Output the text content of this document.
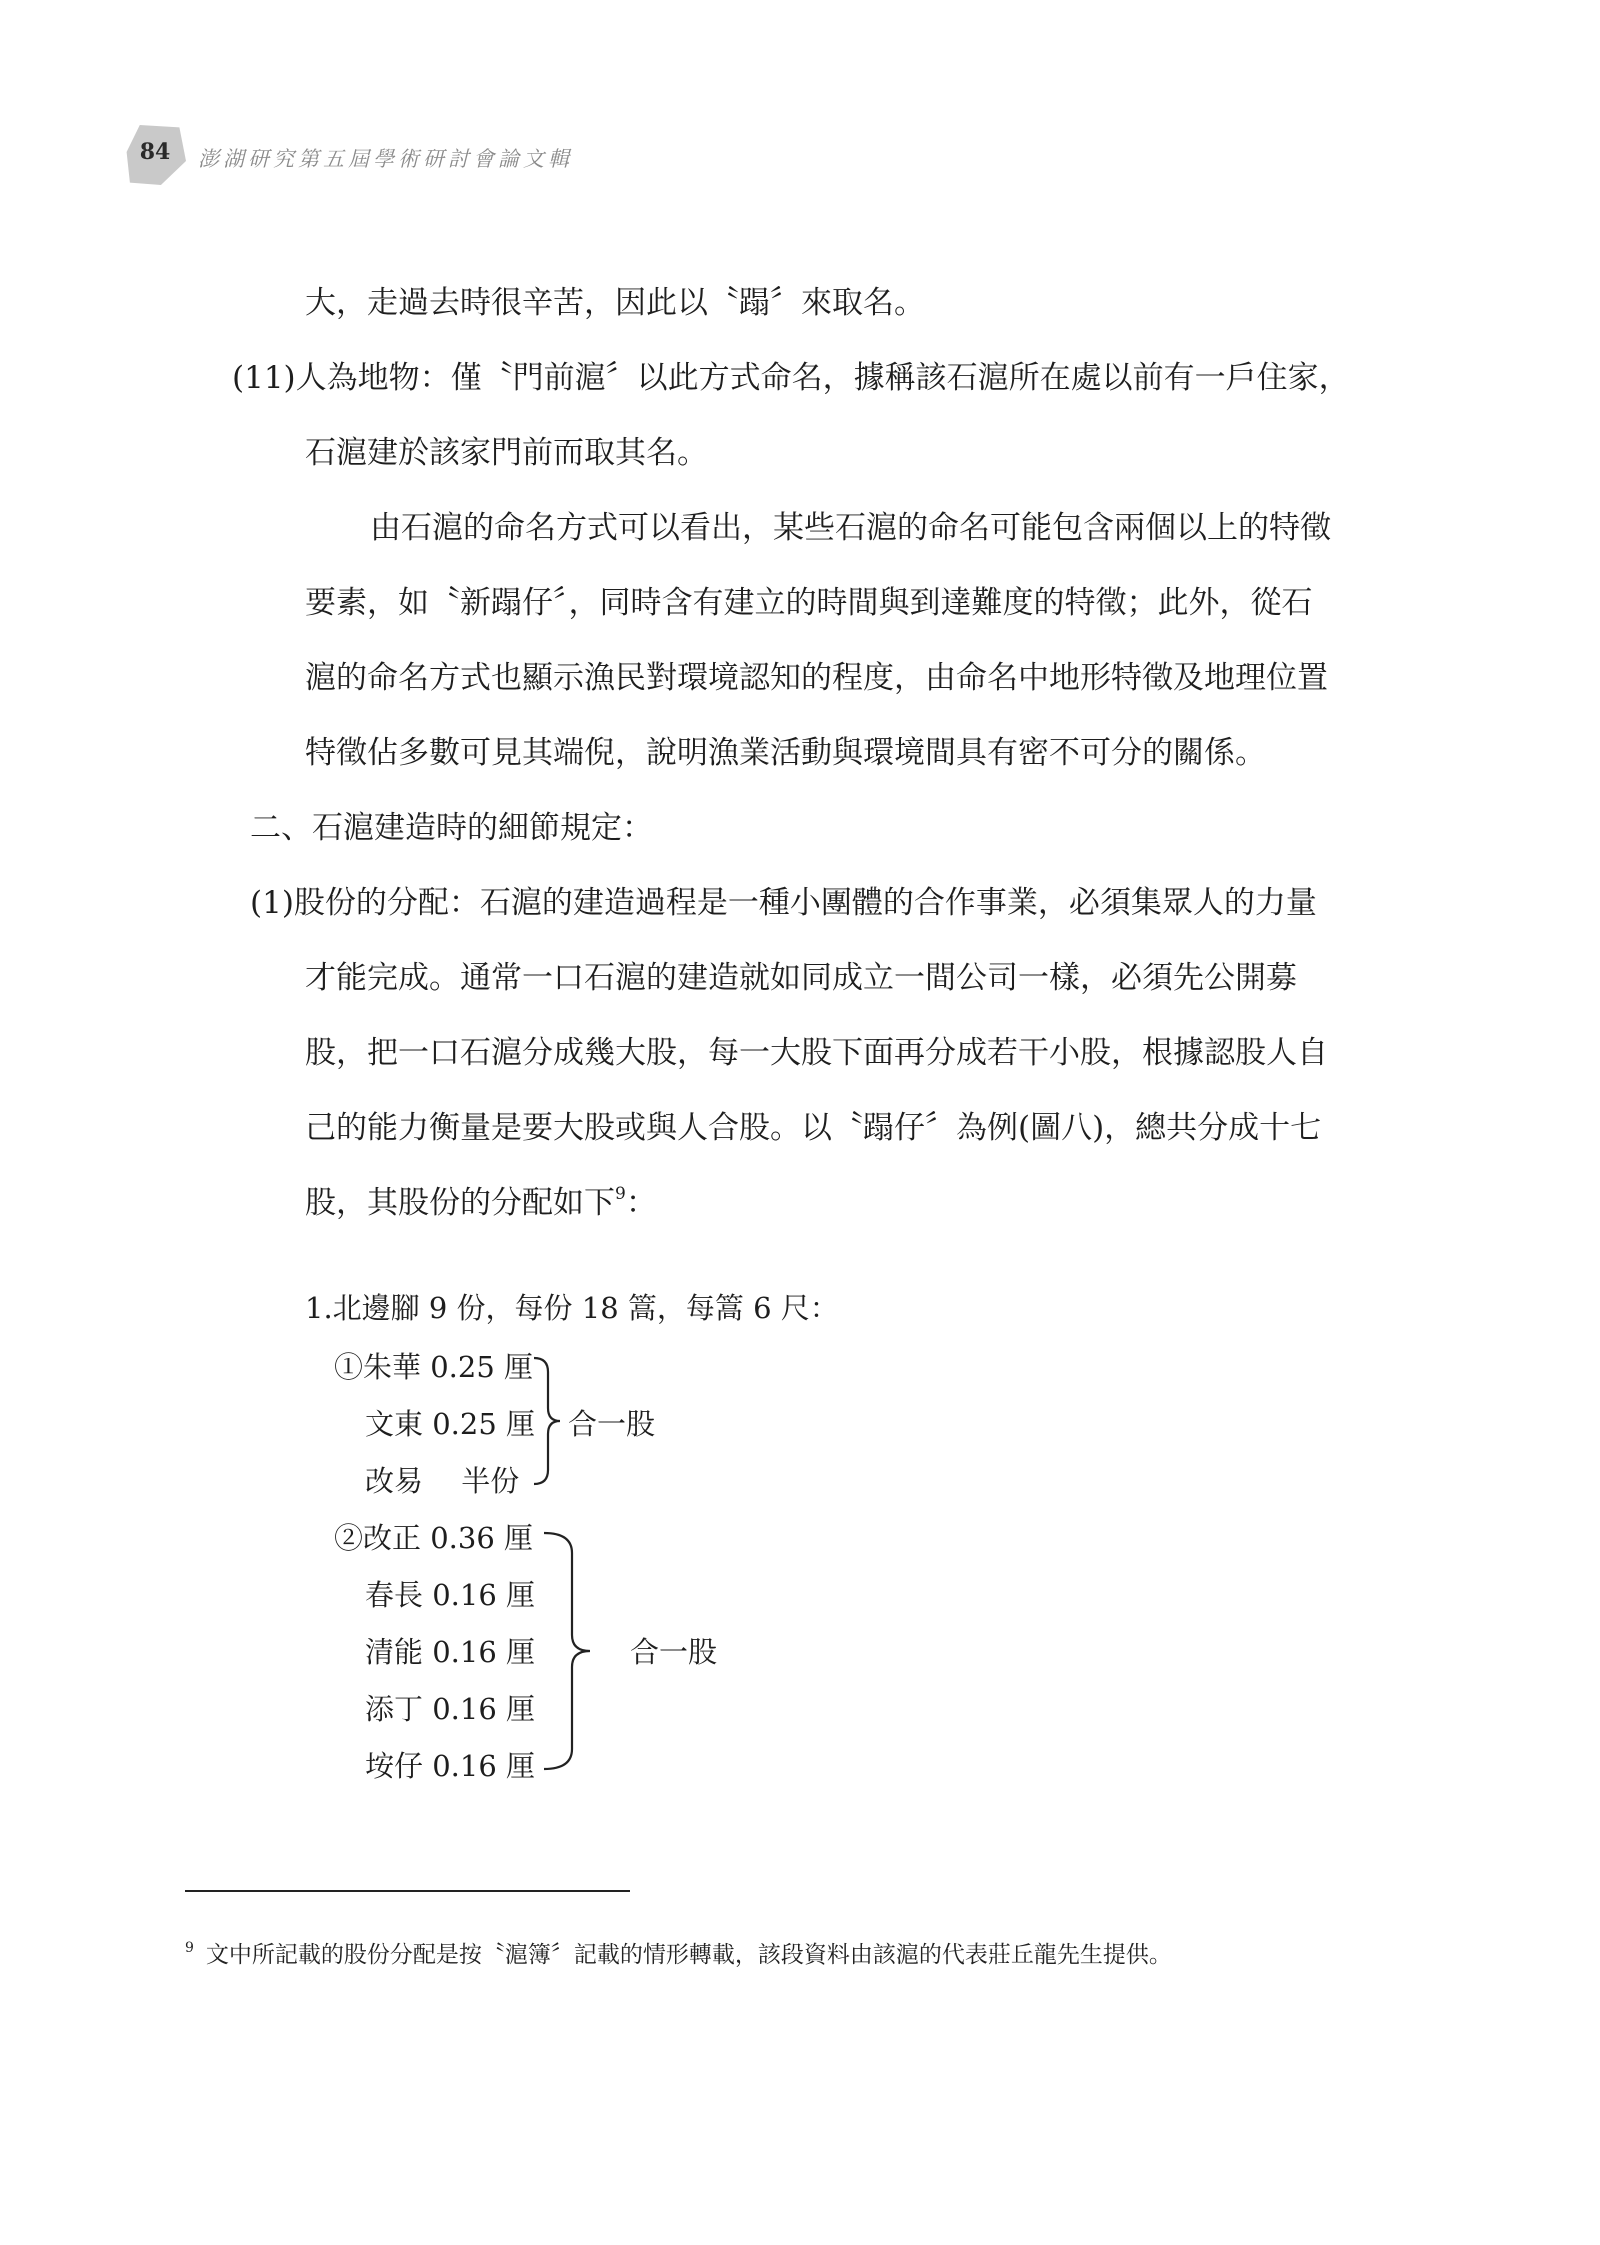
84	澎湖研究第五屆學術研討會論文輯
大，走過去時很辛苦，因此以〝蹋〞來取名。
(11)人為地物：僅〝門前滬〞以此方式命名，據稱該石滬所在處以前有一戶住家，
石滬建於該家門前而取其名。
由石滬的命名方式可以看出，某些石滬的命名可能包含兩個以上的特徵
要素，如〝新蹋仔〞，同時含有建立的時間與到達難度的特徵；此外，從石
滬的命名方式也顯示漁民對環境認知的程度，由命名中地形特徵及地理位置
特徵佔多數可見其端倪，說明漁業活動與環境間具有密不可分的關係。
二、石滬建造時的細節規定：
(1)股份的分配：石滬的建造過程是一種小團體的合作事業，必須集眾人的力量
才能完成。通常一口石滬的建造就如同成立一間公司一樣，必須先公開募
股，把一口石滬分成幾大股，每一大股下面再分成若干小股，根據認股人自
己的能力衡量是要大股或與人合股。以〝蹋仔〞為例(圖八)，總共分成十七
股，其股份的分配如下$^9$：
1.北邊腳 9 份，每份 18 篙，每篙 6 尺：
①朱華 0.25 厘
文東 0.25 厘
改易　 半份
合一股
②改正 0.36 厘
春長 0.16 厘
清能 0.16 厘
添丁 0.16 厘
垵仔 0.16 厘
合一股
$^9$ 文中所記載的股份分配是按〝滬簿〞記載的情形轉載，該段資料由該滬的代表莊丘龍先生提供。
